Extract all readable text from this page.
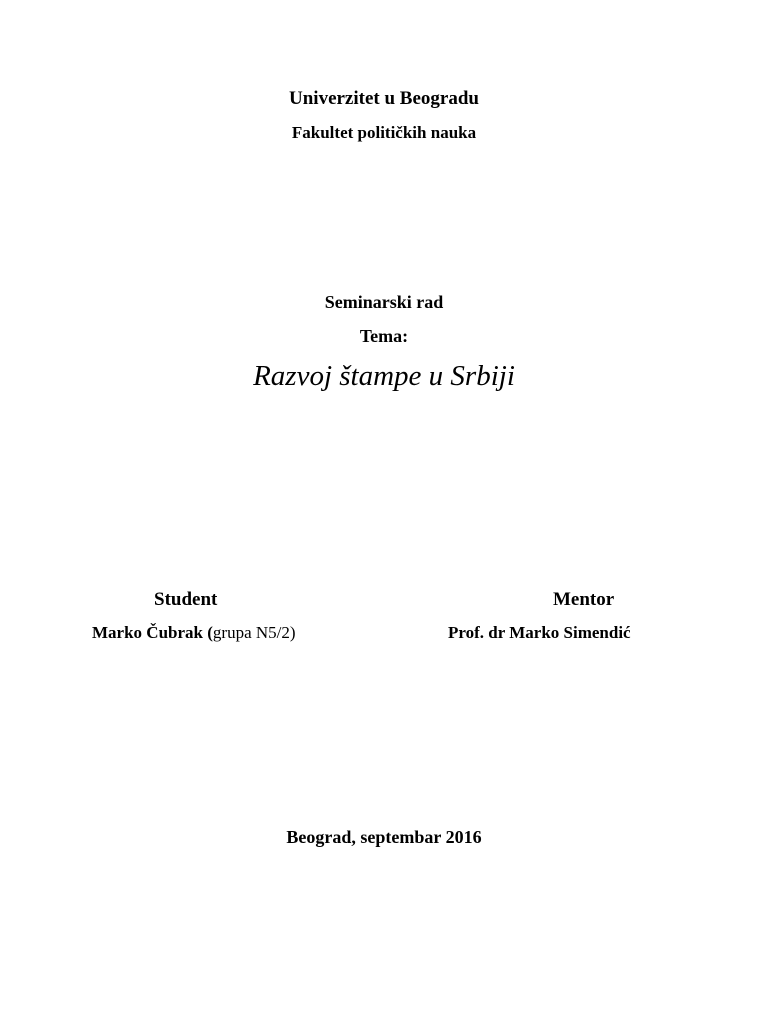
Univerzitet u Beogradu
Fakultet političkih nauka
Seminarski rad
Tema:
Razvoj štampe u Srbiji
Student	Mentor
Marko Čubrak (grupa N5/2)	Prof. dr Marko Simendić
Beograd, septembar 2016
